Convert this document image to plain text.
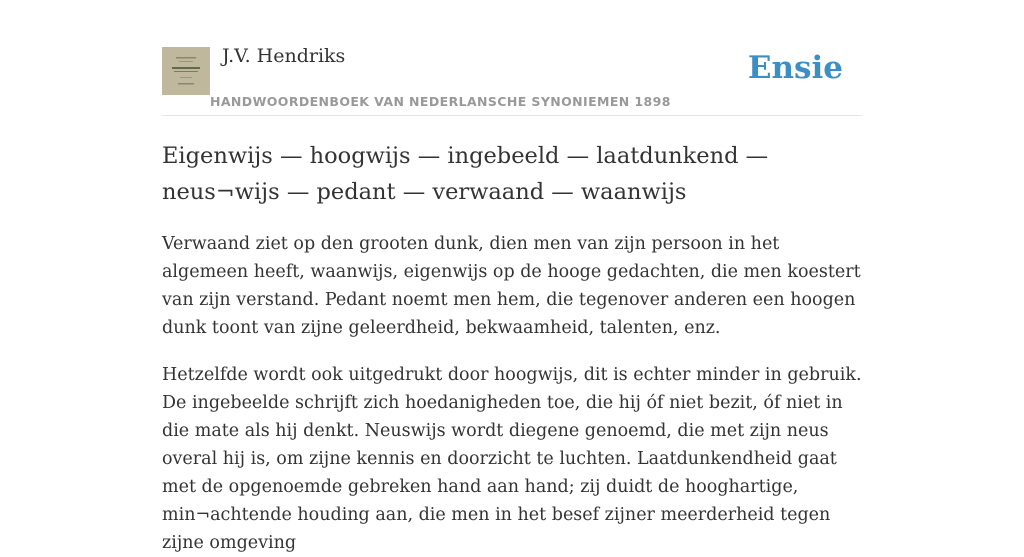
J.V. Hendriks
HANDWOORDENBOEK VAN NEDERLANSCHE SYNONIEMEN 1898
Ensie
Eigenwijs — hoogwijs — ingebeeld — laatdunkend — neus¬wijs — pedant — verwaand — waanwijs

Verwaand ziet op den grooten dunk, dien men van zijn persoon in het algemeen heeft, waanwijs, eigenwijs op de hooge gedachten, die men koestert van zijn verstand. Pedant noemt men hem, die tegenover anderen een hoogen dunk toont van zijne geleerdheid, bekwaamheid, talenten, enz.

Hetzelfde wordt ook uitgedrukt door hoogwijs, dit is echter minder in gebruik. De ingebeelde schrijft zich hoedanigheden toe, die hij óf niet bezit, óf niet in die mate als hij denkt. Neuswijs wordt diegene genoemd, die met zijn neus overal hij is, om zijne kennis en doorzicht te luchten. Laatdunkendheid gaat met de opgenoemde gebreken hand aan hand; zij duidt de hooghartige, min¬achtende houding aan, die men in het besef zijner meerderheid tegen zijne omgeving
